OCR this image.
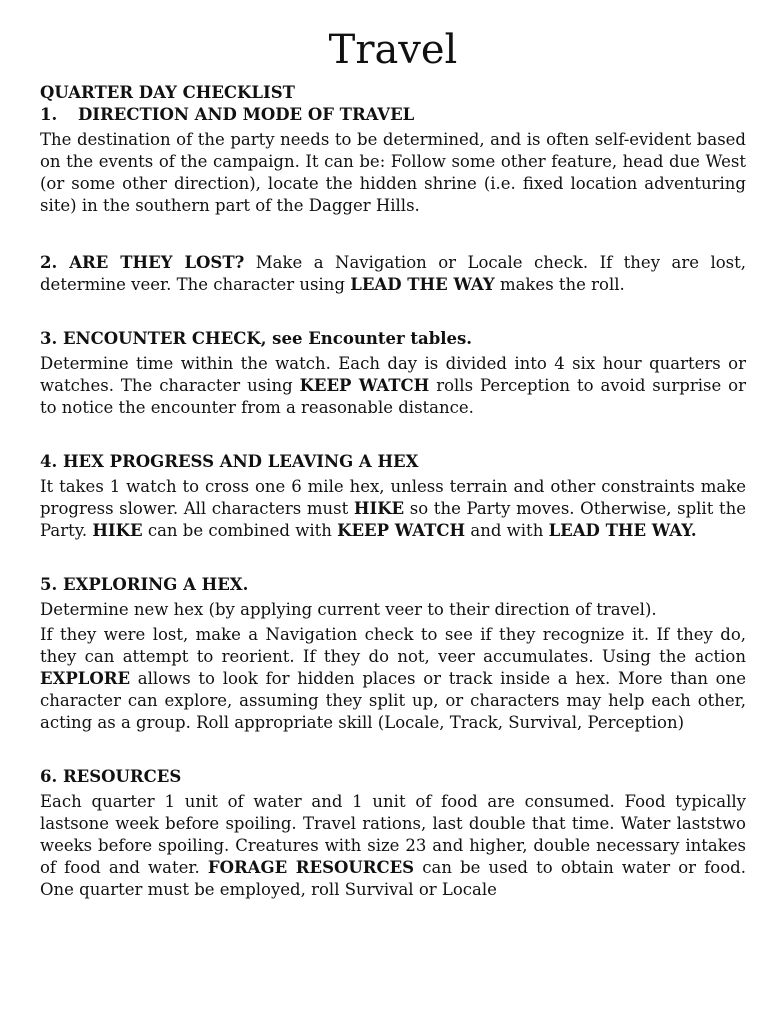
Travel
QUARTER DAY CHECKLIST
1. DIRECTION AND MODE OF TRAVEL

The destination of the party needs to be determined, and is often self-evident based on the events of the campaign. It can be: Follow some other feature, head due West (or some other direction), locate the hidden shrine (i.e. fixed location adventuring site) in the southern part of the Dagger Hills.

2. ARE THEY LOST? Make a Navigation or Locale check. If they are lost, determine veer. The character using LEAD THE WAY makes the roll.

3. ENCOUNTER CHECK, see Encounter tables.

Determine time within the watch. Each day is divided into 4 six hour quarters or watches. The character using KEEP WATCH rolls Perception to avoid surprise or to notice the encounter from a reasonable distance.

4. HEX PROGRESS AND LEAVING A HEX

It takes 1 watch to cross one 6 mile hex, unless terrain and other constraints make progress slower. All characters must HIKE so the Party moves. Otherwise, split the Party. HIKE can be combined with KEEP WATCH and with LEAD THE WAY.

5. EXPLORING A HEX.

Determine new hex (by applying current veer to their direction of travel).

If they were lost, make a Navigation check to see if they recognize it. If they do, they can attempt to reorient. If they do not, veer accumulates. Using the action EXPLORE allows to look for hidden places or track inside a hex. More than one character can explore, assuming they split up, or characters may help each other, acting as a group. Roll appropriate skill (Locale, Track, Survival, Perception)

6. RESOURCES

Each quarter 1 unit of water and 1 unit of food are consumed. Food typically lastsone week before spoiling. Travel rations, last double that time. Water laststwo weeks before spoiling. Creatures with size 23 and higher, double necessary intakes of food and water. FORAGE RESOURCES can be used to obtain water or food. One quarter must be employed, roll Survival or Locale
